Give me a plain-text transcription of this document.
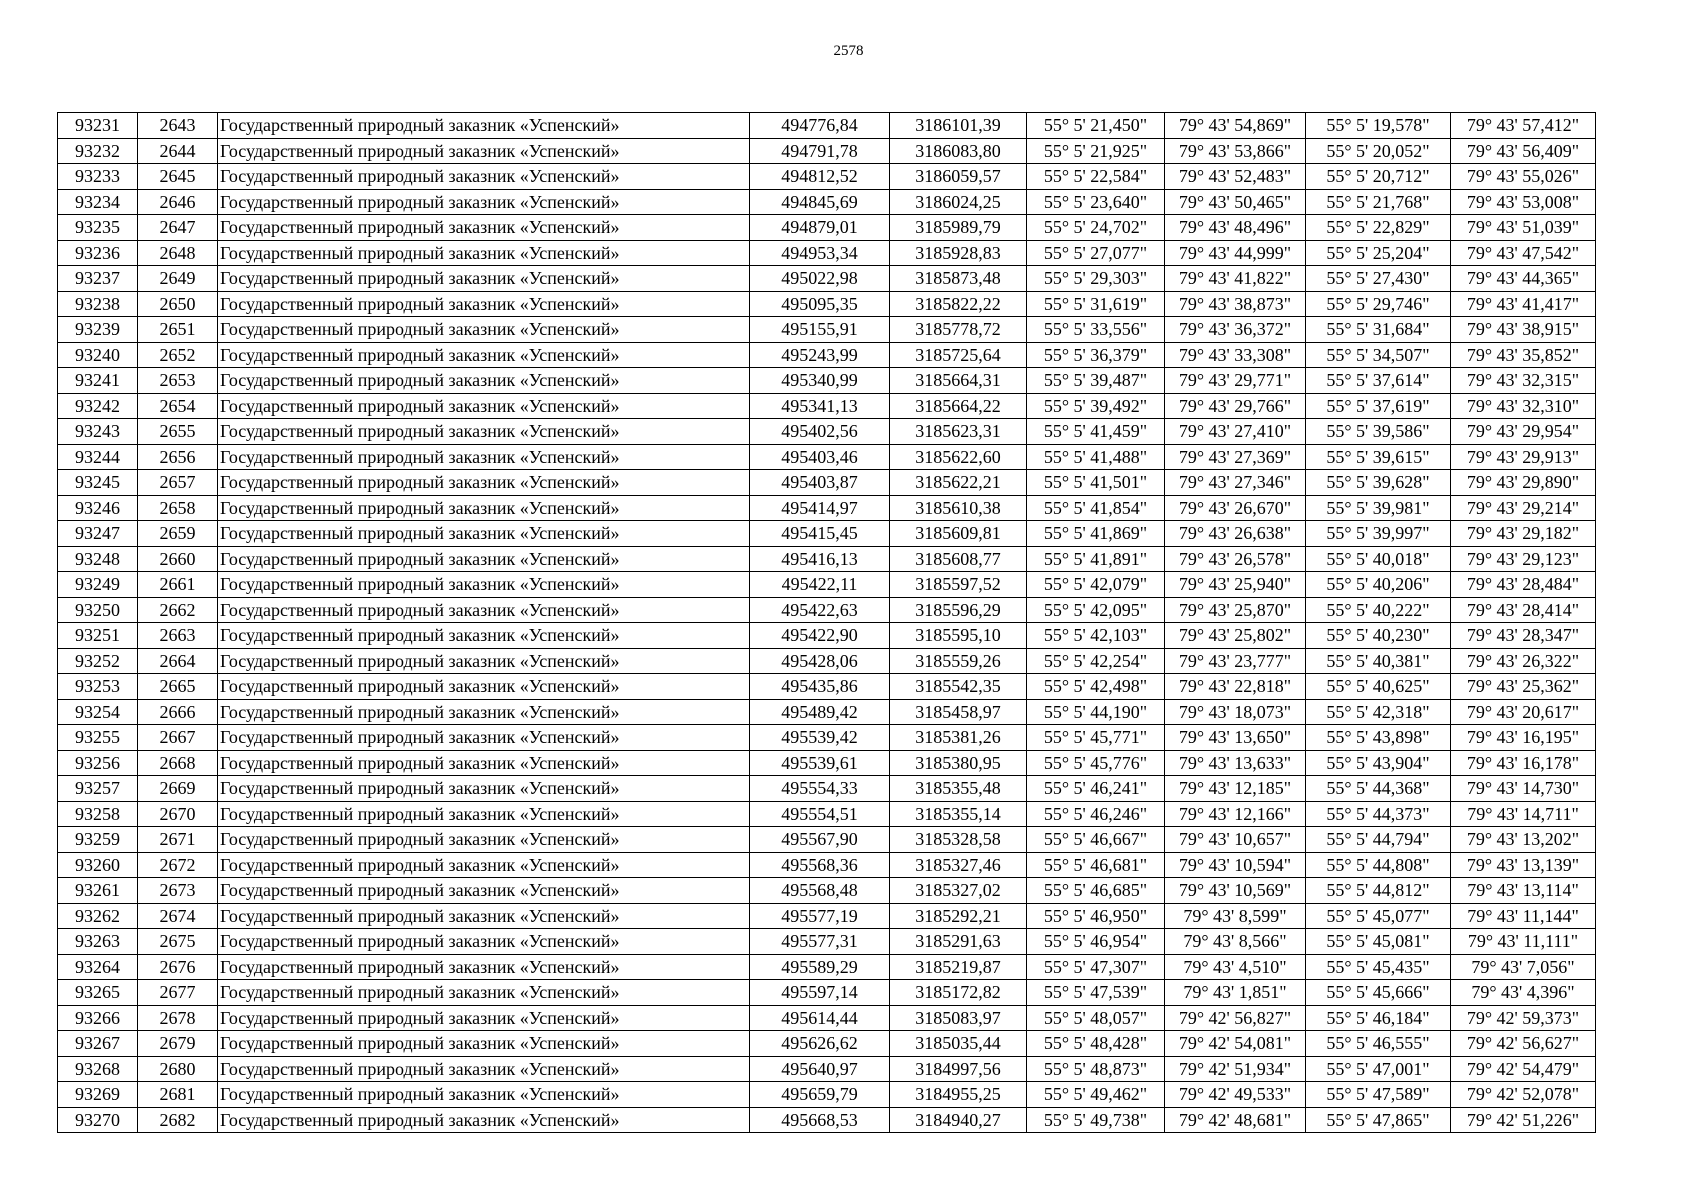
2578
93231	2643	Государственный природный заказник «Успенский»	494776,84	3186101,39	55° 5' 21,450"	79° 43' 54,869"	55° 5' 19,578"	79° 43' 57,412"
93232	2644	Государственный природный заказник «Успенский»	494791,78	3186083,80	55° 5' 21,925"	79° 43' 53,866"	55° 5' 20,052"	79° 43' 56,409"
93233	2645	Государственный природный заказник «Успенский»	494812,52	3186059,57	55° 5' 22,584"	79° 43' 52,483"	55° 5' 20,712"	79° 43' 55,026"
93234	2646	Государственный природный заказник «Успенский»	494845,69	3186024,25	55° 5' 23,640"	79° 43' 50,465"	55° 5' 21,768"	79° 43' 53,008"
93235	2647	Государственный природный заказник «Успенский»	494879,01	3185989,79	55° 5' 24,702"	79° 43' 48,496"	55° 5' 22,829"	79° 43' 51,039"
93236	2648	Государственный природный заказник «Успенский»	494953,34	3185928,83	55° 5' 27,077"	79° 43' 44,999"	55° 5' 25,204"	79° 43' 47,542"
93237	2649	Государственный природный заказник «Успенский»	495022,98	3185873,48	55° 5' 29,303"	79° 43' 41,822"	55° 5' 27,430"	79° 43' 44,365"
93238	2650	Государственный природный заказник «Успенский»	495095,35	3185822,22	55° 5' 31,619"	79° 43' 38,873"	55° 5' 29,746"	79° 43' 41,417"
93239	2651	Государственный природный заказник «Успенский»	495155,91	3185778,72	55° 5' 33,556"	79° 43' 36,372"	55° 5' 31,684"	79° 43' 38,915"
93240	2652	Государственный природный заказник «Успенский»	495243,99	3185725,64	55° 5' 36,379"	79° 43' 33,308"	55° 5' 34,507"	79° 43' 35,852"
93241	2653	Государственный природный заказник «Успенский»	495340,99	3185664,31	55° 5' 39,487"	79° 43' 29,771"	55° 5' 37,614"	79° 43' 32,315"
93242	2654	Государственный природный заказник «Успенский»	495341,13	3185664,22	55° 5' 39,492"	79° 43' 29,766"	55° 5' 37,619"	79° 43' 32,310"
93243	2655	Государственный природный заказник «Успенский»	495402,56	3185623,31	55° 5' 41,459"	79° 43' 27,410"	55° 5' 39,586"	79° 43' 29,954"
93244	2656	Государственный природный заказник «Успенский»	495403,46	3185622,60	55° 5' 41,488"	79° 43' 27,369"	55° 5' 39,615"	79° 43' 29,913"
93245	2657	Государственный природный заказник «Успенский»	495403,87	3185622,21	55° 5' 41,501"	79° 43' 27,346"	55° 5' 39,628"	79° 43' 29,890"
93246	2658	Государственный природный заказник «Успенский»	495414,97	3185610,38	55° 5' 41,854"	79° 43' 26,670"	55° 5' 39,981"	79° 43' 29,214"
93247	2659	Государственный природный заказник «Успенский»	495415,45	3185609,81	55° 5' 41,869"	79° 43' 26,638"	55° 5' 39,997"	79° 43' 29,182"
93248	2660	Государственный природный заказник «Успенский»	495416,13	3185608,77	55° 5' 41,891"	79° 43' 26,578"	55° 5' 40,018"	79° 43' 29,123"
93249	2661	Государственный природный заказник «Успенский»	495422,11	3185597,52	55° 5' 42,079"	79° 43' 25,940"	55° 5' 40,206"	79° 43' 28,484"
93250	2662	Государственный природный заказник «Успенский»	495422,63	3185596,29	55° 5' 42,095"	79° 43' 25,870"	55° 5' 40,222"	79° 43' 28,414"
93251	2663	Государственный природный заказник «Успенский»	495422,90	3185595,10	55° 5' 42,103"	79° 43' 25,802"	55° 5' 40,230"	79° 43' 28,347"
93252	2664	Государственный природный заказник «Успенский»	495428,06	3185559,26	55° 5' 42,254"	79° 43' 23,777"	55° 5' 40,381"	79° 43' 26,322"
93253	2665	Государственный природный заказник «Успенский»	495435,86	3185542,35	55° 5' 42,498"	79° 43' 22,818"	55° 5' 40,625"	79° 43' 25,362"
93254	2666	Государственный природный заказник «Успенский»	495489,42	3185458,97	55° 5' 44,190"	79° 43' 18,073"	55° 5' 42,318"	79° 43' 20,617"
93255	2667	Государственный природный заказник «Успенский»	495539,42	3185381,26	55° 5' 45,771"	79° 43' 13,650"	55° 5' 43,898"	79° 43' 16,195"
93256	2668	Государственный природный заказник «Успенский»	495539,61	3185380,95	55° 5' 45,776"	79° 43' 13,633"	55° 5' 43,904"	79° 43' 16,178"
93257	2669	Государственный природный заказник «Успенский»	495554,33	3185355,48	55° 5' 46,241"	79° 43' 12,185"	55° 5' 44,368"	79° 43' 14,730"
93258	2670	Государственный природный заказник «Успенский»	495554,51	3185355,14	55° 5' 46,246"	79° 43' 12,166"	55° 5' 44,373"	79° 43' 14,711"
93259	2671	Государственный природный заказник «Успенский»	495567,90	3185328,58	55° 5' 46,667"	79° 43' 10,657"	55° 5' 44,794"	79° 43' 13,202"
93260	2672	Государственный природный заказник «Успенский»	495568,36	3185327,46	55° 5' 46,681"	79° 43' 10,594"	55° 5' 44,808"	79° 43' 13,139"
93261	2673	Государственный природный заказник «Успенский»	495568,48	3185327,02	55° 5' 46,685"	79° 43' 10,569"	55° 5' 44,812"	79° 43' 13,114"
93262	2674	Государственный природный заказник «Успенский»	495577,19	3185292,21	55° 5' 46,950"	79° 43' 8,599"	55° 5' 45,077"	79° 43' 11,144"
93263	2675	Государственный природный заказник «Успенский»	495577,31	3185291,63	55° 5' 46,954"	79° 43' 8,566"	55° 5' 45,081"	79° 43' 11,111"
93264	2676	Государственный природный заказник «Успенский»	495589,29	3185219,87	55° 5' 47,307"	79° 43' 4,510"	55° 5' 45,435"	79° 43' 7,056"
93265	2677	Государственный природный заказник «Успенский»	495597,14	3185172,82	55° 5' 47,539"	79° 43' 1,851"	55° 5' 45,666"	79° 43' 4,396"
93266	2678	Государственный природный заказник «Успенский»	495614,44	3185083,97	55° 5' 48,057"	79° 42' 56,827"	55° 5' 46,184"	79° 42' 59,373"
93267	2679	Государственный природный заказник «Успенский»	495626,62	3185035,44	55° 5' 48,428"	79° 42' 54,081"	55° 5' 46,555"	79° 42' 56,627"
93268	2680	Государственный природный заказник «Успенский»	495640,97	3184997,56	55° 5' 48,873"	79° 42' 51,934"	55° 5' 47,001"	79° 42' 54,479"
93269	2681	Государственный природный заказник «Успенский»	495659,79	3184955,25	55° 5' 49,462"	79° 42' 49,533"	55° 5' 47,589"	79° 42' 52,078"
93270	2682	Государственный природный заказник «Успенский»	495668,53	3184940,27	55° 5' 49,738"	79° 42' 48,681"	55° 5' 47,865"	79° 42' 51,226"
